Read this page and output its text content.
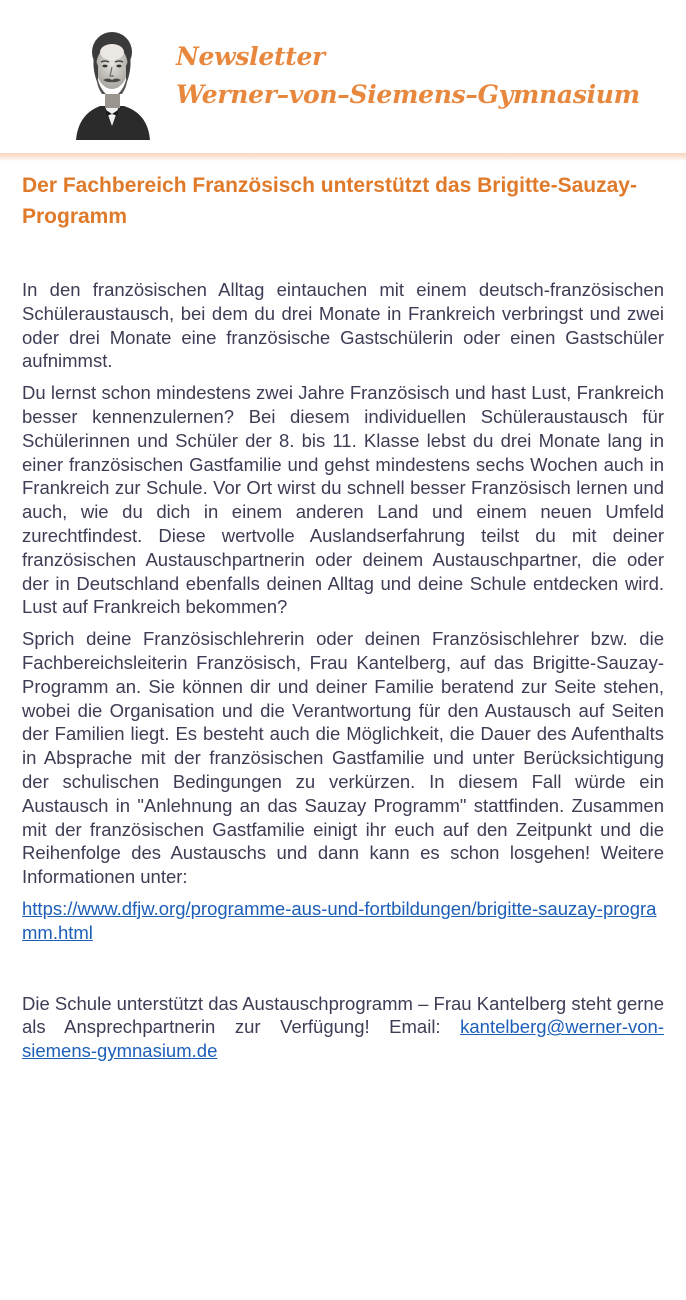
Newsletter
Werner–von–Siemens–Gymnasium
Der Fachbereich Französisch unterstützt das Brigitte-Sauzay-Programm

In den französischen Alltag eintauchen mit einem deutsch-französischen Schüleraustausch, bei dem du drei Monate in Frankreich verbringst und zwei oder drei Monate eine französische Gastschülerin oder einen Gastschüler aufnimmst.

Du lernst schon mindestens zwei Jahre Französisch und hast Lust, Frankreich besser kennenzulernen? Bei diesem individuellen Schüleraustausch für Schülerinnen und Schüler der 8. bis 11. Klasse lebst du drei Monate lang in einer französischen Gastfamilie und gehst mindestens sechs Wochen auch in Frankreich zur Schule. Vor Ort wirst du schnell besser Französisch lernen und auch, wie du dich in einem anderen Land und einem neuen Umfeld zurechtfindest. Diese wertvolle Auslandserfahrung teilst du mit deiner französischen Austauschpartnerin oder deinem Austauschpartner, die oder der in Deutschland ebenfalls deinen Alltag und deine Schule entdecken wird. Lust auf Frankreich bekommen?

Sprich deine Französischlehrerin oder deinen Französischlehrer bzw. die Fachbereichsleiterin Französisch, Frau Kantelberg, auf das Brigitte-Sauzay-Programm an. Sie können dir und deiner Familie beratend zur Seite stehen, wobei die Organisation und die Verantwortung für den Austausch auf Seiten der Familien liegt. Es besteht auch die Möglichkeit, die Dauer des Aufenthalts in Absprache mit der französischen Gastfamilie und unter Berücksichtigung der schulischen Bedingungen zu verkürzen. In diesem Fall würde ein Austausch in "Anlehnung an das Sauzay Programm" stattfinden. Zusammen mit der französischen Gastfamilie einigt ihr euch auf den Zeitpunkt und die Reihenfolge des Austauschs und dann kann es schon losgehen! Weitere Informationen unter:

https://www.dfjw.org/programme-aus-und-fortbildungen/brigitte-sauzay-programm.html

Die Schule unterstützt das Austauschprogramm – Frau Kantelberg steht gerne als Ansprechpartnerin zur Verfügung! Email: kantelberg@werner-von-siemens-gymnasium.de
